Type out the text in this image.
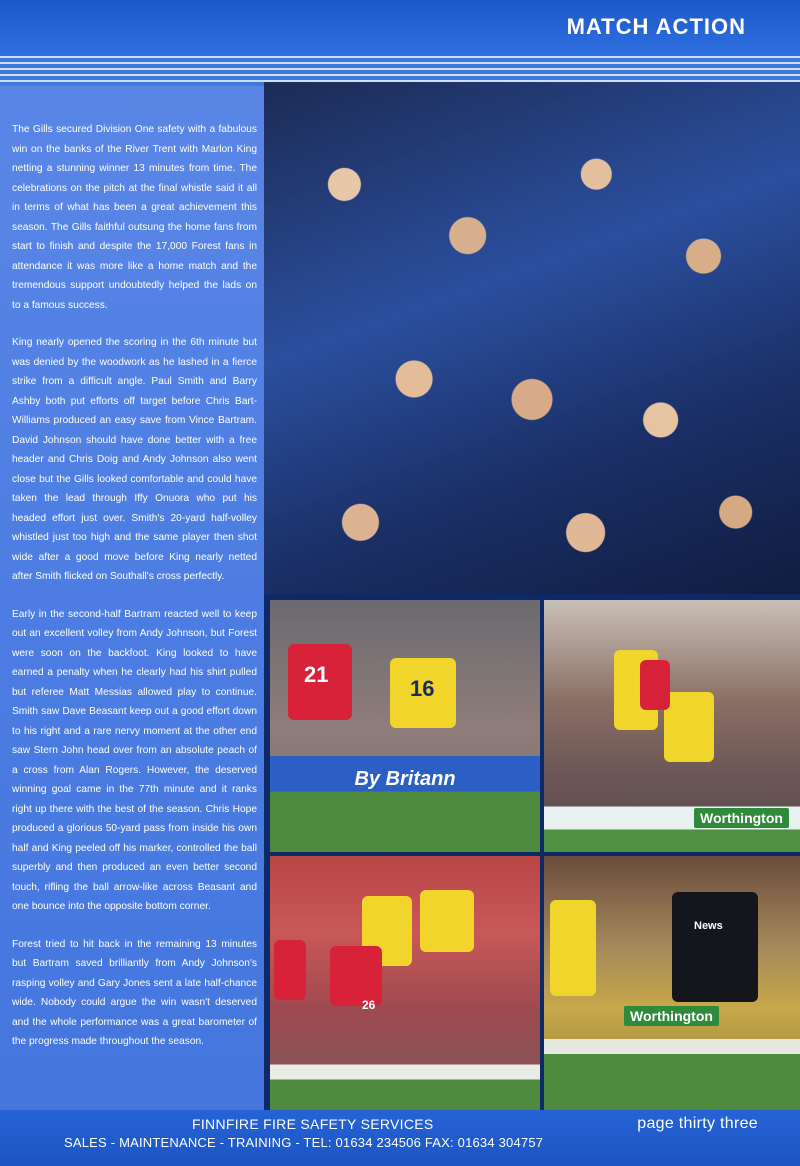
MATCH ACTION

The Gills secured Division One safety with a fabulous win on the banks of the River Trent with Marlon King netting a stunning winner 13 minutes from time. The celebrations on the pitch at the final whistle said it all in terms of what has been a great achievement this season. The Gills faithful outsung the home fans from start to finish and despite the 17,000 Forest fans in attendance it was more like a home match and the tremendous support undoubtedly helped the lads on to a famous success.

King nearly opened the scoring in the 6th minute but was denied by the woodwork as he lashed in a fierce strike from a difficult angle. Paul Smith and Barry Ashby both put efforts off target before Chris Bart-Williams produced an easy save from Vince Bartram. David Johnson should have done better with a free header and Chris Doig and Andy Johnson also went close but the Gills looked comfortable and could have taken the lead through Iffy Onuora who put his headed effort just over. Smith's 20-yard half-volley whistled just too high and the same player then shot wide after a good move before King nearly netted after Smith flicked on Southall's cross perfectly.

Early in the second-half Bartram reacted well to keep out an excellent volley from Andy Johnson, but Forest were soon on the backfoot. King looked to have earned a penalty when he clearly had his shirt pulled but referee Matt Messias allowed play to continue. Smith saw Dave Beasant keep out a good effort down to his right and a rare nervy moment at the other end saw Stern John head over from an absolute peach of a cross from Alan Rogers. However, the deserved winning goal came in the 77th minute and it ranks right up there with the best of the season. Chris Hope produced a glorious 50-yard pass from inside his own half and King peeled off his marker, controlled the ball superbly and then produced an even better second touch, rifling the ball arrow-like across Beasant and one bounce into the opposite bottom corner.

Forest tried to hit back in the remaining 13 minutes but Bartram saved brilliantly from Andy Johnson's rasping volley and Gary Jones sent a late half-chance wide. Nobody could argue the win wasn't deserved and the whole performance was a great barometer of the progress made throughout the season.

21
16
By Britann
Worthington
26
News
Worthington
FINNFIRE FIRE SAFETY SERVICES
SALES - MAINTENANCE - TRAINING - TEL: 01634 234506 FAX: 01634 304757
page thirty three
